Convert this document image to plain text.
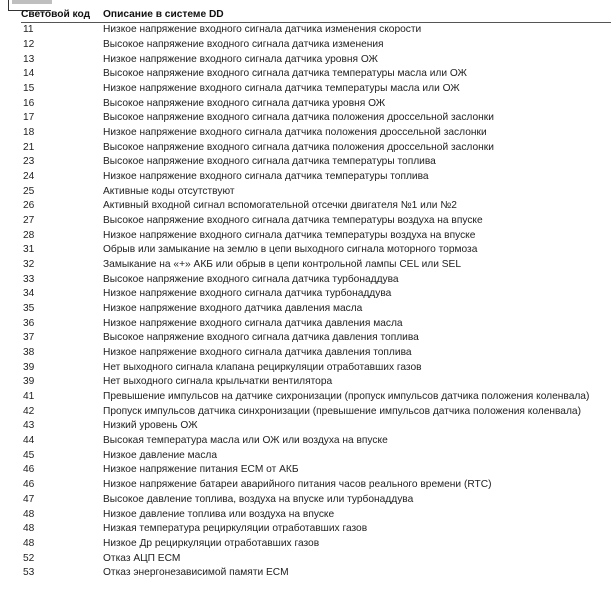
Световой код	Описание в системе DD
11	Низкое напряжение входного сигнала датчика изменения скорости
12	Высокое напряжение входного сигнала датчика изменения
13	Низкое напряжение входного сигнала датчика уровня ОЖ
14	Высокое напряжение входного сигнала датчика температуры масла или ОЖ
15	Низкое напряжение входного сигнала датчика температуры масла или ОЖ
16	Высокое напряжение входного сигнала датчика уровня ОЖ
17	Высокое напряжение входного сигнала датчика положения дроссельной заслонки
18	Низкое напряжение входного сигнала датчика положения дроссельной заслонки
21	Высокое напряжение входного сигнала датчика положения дроссельной заслонки
23	Высокое напряжение входного сигнала датчика температуры топлива
24	Низкое напряжение входного сигнала датчика температуры топлива
25	Активные коды отсутствуют
26	Активный входной сигнал вспомогательной отсечки двигателя №1 или №2
27	Высокое напряжение входного сигнала датчика температуры воздуха на впуске
28	Низкое напряжение входного сигнала датчика температуры воздуха на впуске
31	Обрыв или замыкание на землю в цепи выходного сигнала моторного тормоза
32	Замыкание на «+» АКБ или обрыв в цепи контрольной лампы CEL или SEL
33	Высокое напряжение входного сигнала датчика турбонаддува
34	Низкое напряжение входного сигнала датчика турбонаддува
35	Низкое напряжение входного датчика давления масла
36	Низкое напряжение входного сигнала датчика давления масла
37	Высокое напряжение входного сигнала датчика давления топлива
38	Низкое напряжение входного сигнала датчика давления топлива
39	Нет выходного сигнала клапана рециркуляции отработавших газов
39	Нет выходного сигнала крыльчатки вентилятора
41	Превышение импульсов на датчике сихронизации (пропуск импульсов датчика положения коленвала)
42	Пропуск импульсов датчика синхронизации (превышение импульсов датчика положения коленвала)
43	Низкий уровень ОЖ
44	Высокая температура масла или ОЖ или воздуха на впуске
45	Низкое давление масла
46	Низкое напряжение питания ECM от АКБ
46	Низкое напряжение батареи аварийного питания часов реального времени (RTC)
47	Высокое давление топлива, воздуха на впуске или турбонаддува
48	Низкое давление топлива или воздуха на впуске
48	Низкая температура рециркуляции отработавших газов
48	Низкое Др рециркуляции отработавших газов
52	Отказ АЦП ЕСМ
53	Отказ энергонезависимой памяти ECM
